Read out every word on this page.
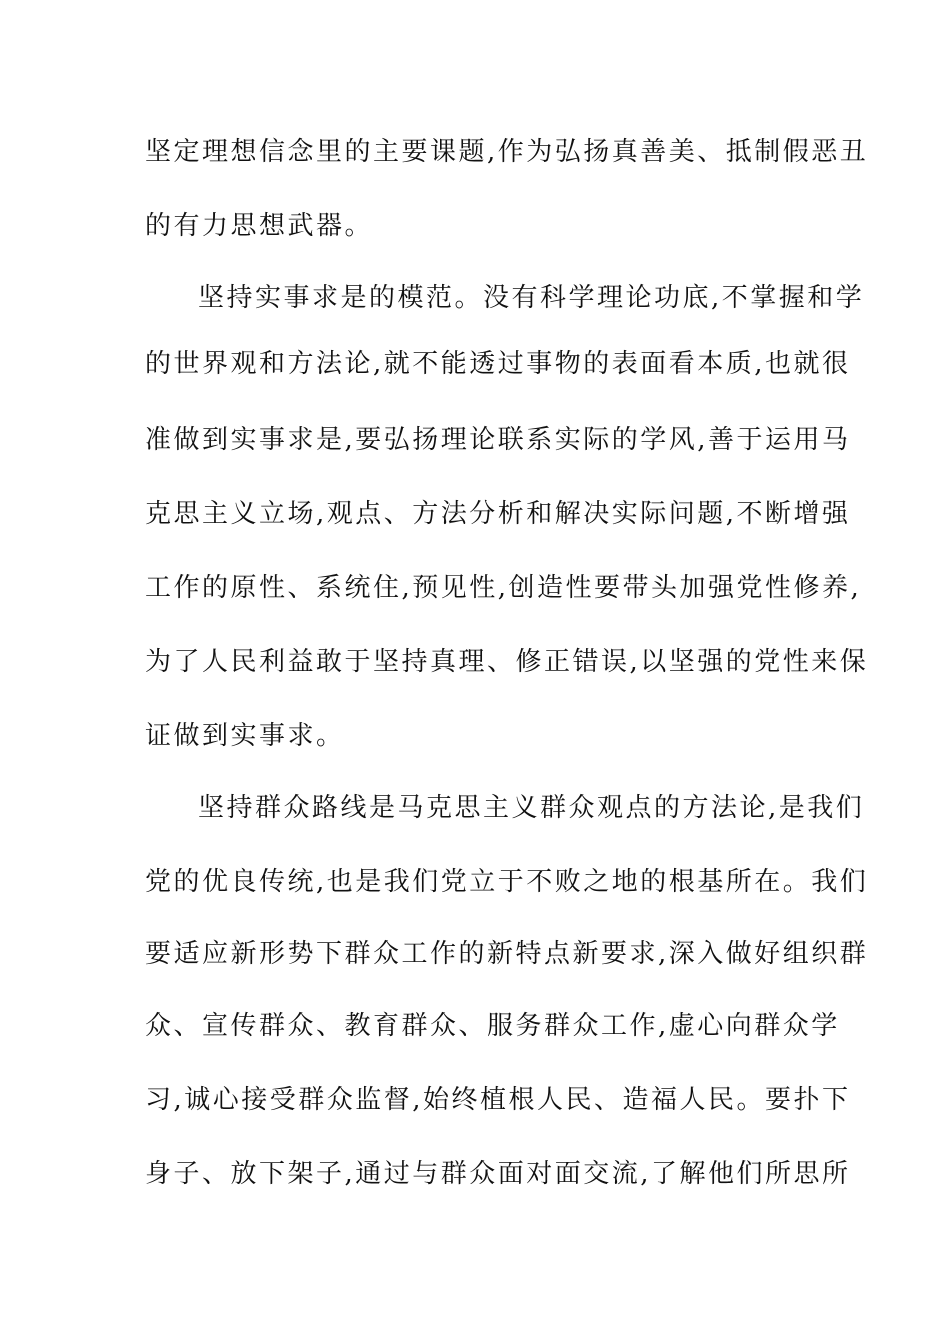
坚定理想信念里的主要课题,作为弘扬真善美、抵制假恶丑
的有力思想武器。
坚持实事求是的模范。没有科学理论功底,不掌握和学
的世界观和方法论,就不能透过事物的表面看本质,也就很
准做到实事求是,要弘扬理论联系实际的学风,善于运用马
克思主义立场,观点、方法分析和解决实际问题,不断增强
工作的原性、系统住,预见性,创造性要带头加强党性修养,
为了人民利益敢于坚持真理、修正错误,以坚强的党性来保
证做到实事求。
坚持群众路线是马克思主义群众观点的方法论,是我们
党的优良传统,也是我们党立于不败之地的根基所在。我们
要适应新形势下群众工作的新特点新要求,深入做好组织群
众、宣传群众、教育群众、服务群众工作,虚心向群众学
习,诚心接受群众监督,始终植根人民、造福人民。要扑下
身子、放下架子,通过与群众面对面交流,了解他们所思所
